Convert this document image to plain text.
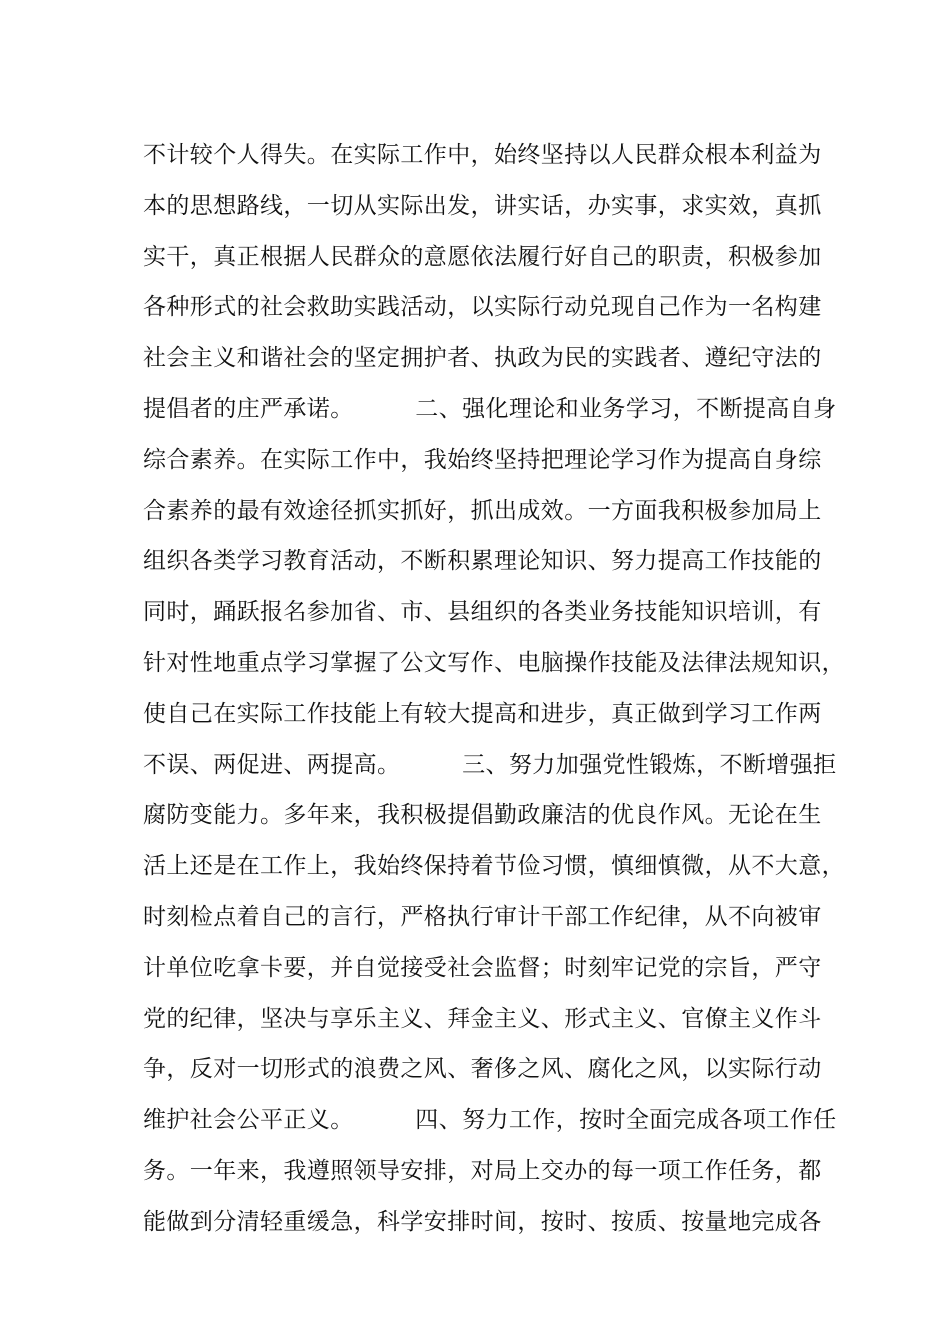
不计较个人得失。在实际工作中，始终坚持以人民群众根本利益为
本的思想路线，一切从实际出发，讲实话，办实事，求实效，真抓
实干，真正根据人民群众的意愿依法履行好自己的职责，积极参加
各种形式的社会救助实践活动，以实际行动兑现自己作为一名构建
社会主义和谐社会的坚定拥护者、执政为民的实践者、遵纪守法的
提倡者的庄严承诺。        二、强化理论和业务学习，不断提高自身
综合素养。在实际工作中，我始终坚持把理论学习作为提高自身综
合素养的最有效途径抓实抓好，抓出成效。一方面我积极参加局上
组织各类学习教育活动，不断积累理论知识、努力提高工作技能的
同时，踊跃报名参加省、市、县组织的各类业务技能知识培训，有
针对性地重点学习掌握了公文写作、电脑操作技能及法律法规知识，
使自己在实际工作技能上有较大提高和进步，真正做到学习工作两
不误、两促进、两提高。        三、努力加强党性锻炼，不断增强拒
腐防变能力。多年来，我积极提倡勤政廉洁的优良作风。无论在生
活上还是在工作上，我始终保持着节俭习惯，慎细慎微，从不大意，
时刻检点着自己的言行，严格执行审计干部工作纪律，从不向被审
计单位吃拿卡要，并自觉接受社会监督；时刻牢记党的宗旨，严守
党的纪律，坚决与享乐主义、拜金主义、形式主义、官僚主义作斗
争，反对一切形式的浪费之风、奢侈之风、腐化之风，以实际行动
维护社会公平正义。        四、努力工作，按时全面完成各项工作任
务。一年来，我遵照领导安排，对局上交办的每一项工作任务，都
能做到分清轻重缓急，科学安排时间，按时、按质、按量地完成各
